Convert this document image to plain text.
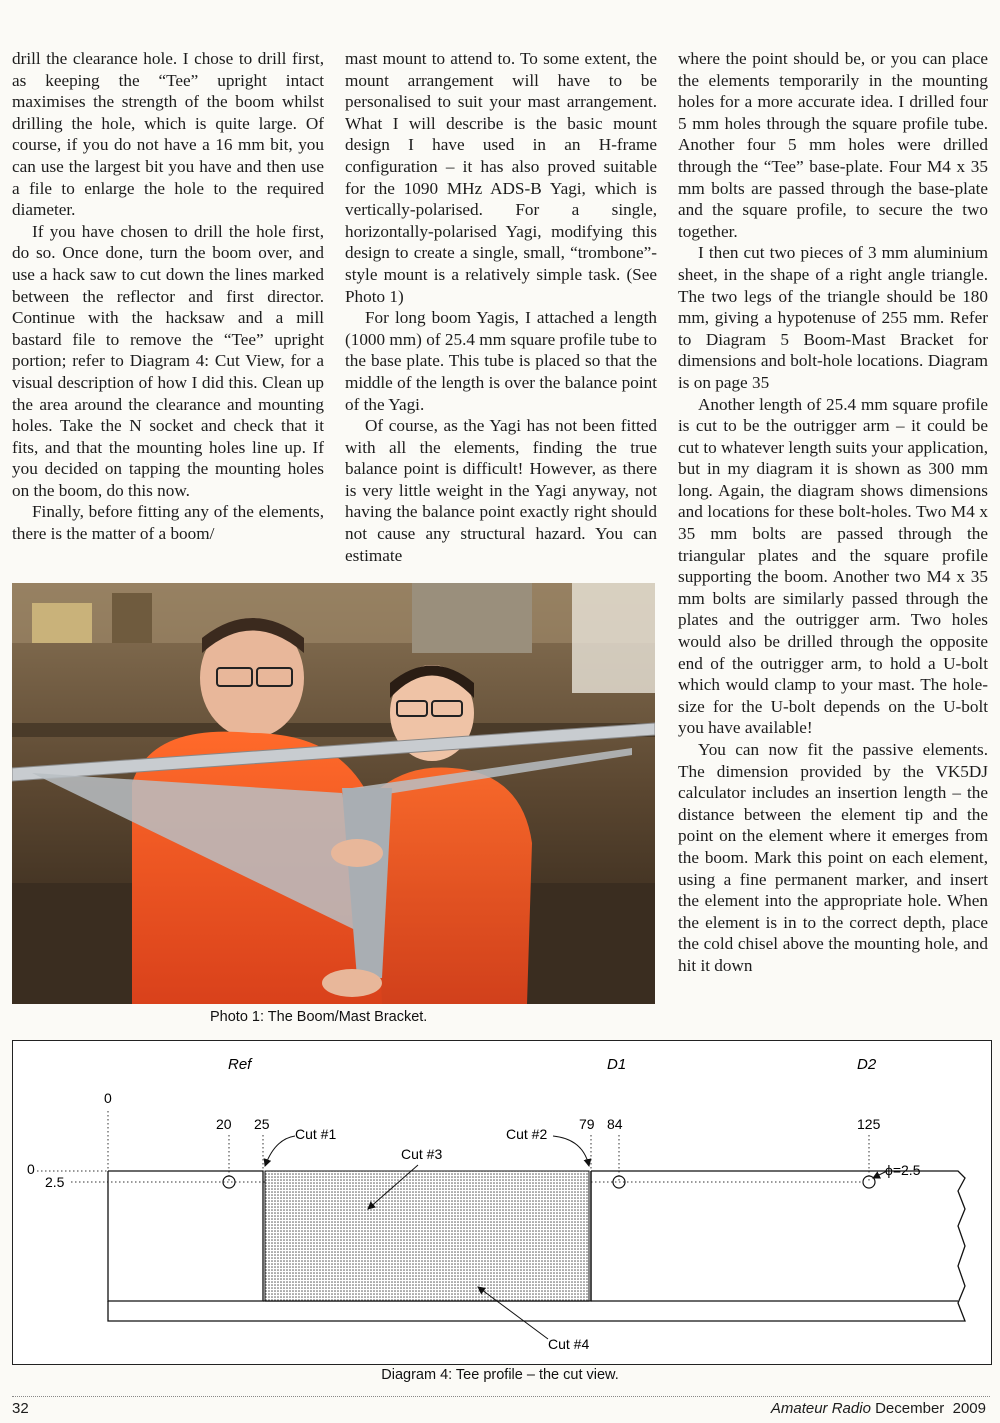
drill the clearance hole. I chose to drill first, as keeping the “Tee” upright intact maximises the strength of the boom whilst drilling the hole, which is quite large. Of course, if you do not have a 16 mm bit, you can use the largest bit you have and then use a file to enlarge the hole to the required diameter.

If you have chosen to drill the hole first, do so. Once done, turn the boom over, and use a hack saw to cut down the lines marked between the reflector and first director. Continue with the hacksaw and a mill bastard file to remove the “Tee” upright portion; refer to Diagram 4: Cut View, for a visual description of how I did this. Clean up the area around the clearance and mounting holes. Take the N socket and check that it fits, and that the mounting holes line up. If you decided on tapping the mounting holes on the boom, do this now.

Finally, before fitting any of the elements, there is the matter of a boom/

mast mount to attend to. To some extent, the mount arrangement will have to be personalised to suit your mast arrangement. What I will describe is the basic mount design I have used in an H-frame configuration – it has also proved suitable for the 1090 MHz ADS-B Yagi, which is vertically-polarised. For a single, horizontally-polarised Yagi, modifying this design to create a single, small, “trombone”-style mount is a relatively simple task. (See Photo 1)

For long boom Yagis, I attached a length (1000 mm) of 25.4 mm square profile tube to the base plate. This tube is placed so that the middle of the length is over the balance point of the Yagi.

Of course, as the Yagi has not been fitted with all the elements, finding the true balance point is difficult! However, as there is very little weight in the Yagi anyway, not having the balance point exactly right should not cause any structural hazard. You can estimate

where the point should be, or you can place the elements temporarily in the mounting holes for a more accurate idea. I drilled four 5 mm holes through the square profile tube. Another four 5 mm holes were drilled through the “Tee” base-plate. Four M4 x 35 mm bolts are passed through the base-plate and the square profile, to secure the two together.

I then cut two pieces of 3 mm aluminium sheet, in the shape of a right angle triangle. The two legs of the triangle should be 180 mm, giving a hypotenuse of 255 mm. Refer to Diagram 5 Boom-Mast Bracket for dimensions and bolt-hole locations. Diagram is on page 35

Another length of 25.4 mm square profile is cut to be the outrigger arm – it could be cut to whatever length suits your application, but in my diagram it is shown as 300 mm long. Again, the diagram shows dimensions and locations for these bolt-holes. Two M4 x 35 mm bolts are passed through the triangular plates and the square profile supporting the boom. Another two M4 x 35 mm bolts are similarly passed through the plates and the outrigger arm. Two holes would also be drilled through the opposite end of the outrigger arm, to hold a U-bolt which would clamp to your mast. The hole-size for the U-bolt depends on the U-bolt you have available!

You can now fit the passive elements. The dimension provided by the VK5DJ calculator includes an insertion length – the distance between the element tip and the point on the element where it emerges from the boom. Mark this point on each element, using a fine permanent marker, and insert the element into the appropriate hole. When the element is in to the correct depth, place the cold chisel above the mounting hole, and hit it down

Photo 1: The Boom/Mast Bracket.
Ref	D1	D2
0
20 25	79 84	125
0
2.5
ϕ=2.5
Cut #1	Cut #2
Cut #3
Cut #4
Diagram 4: Tee profile – the cut view.
32	Amateur Radio December  2009
